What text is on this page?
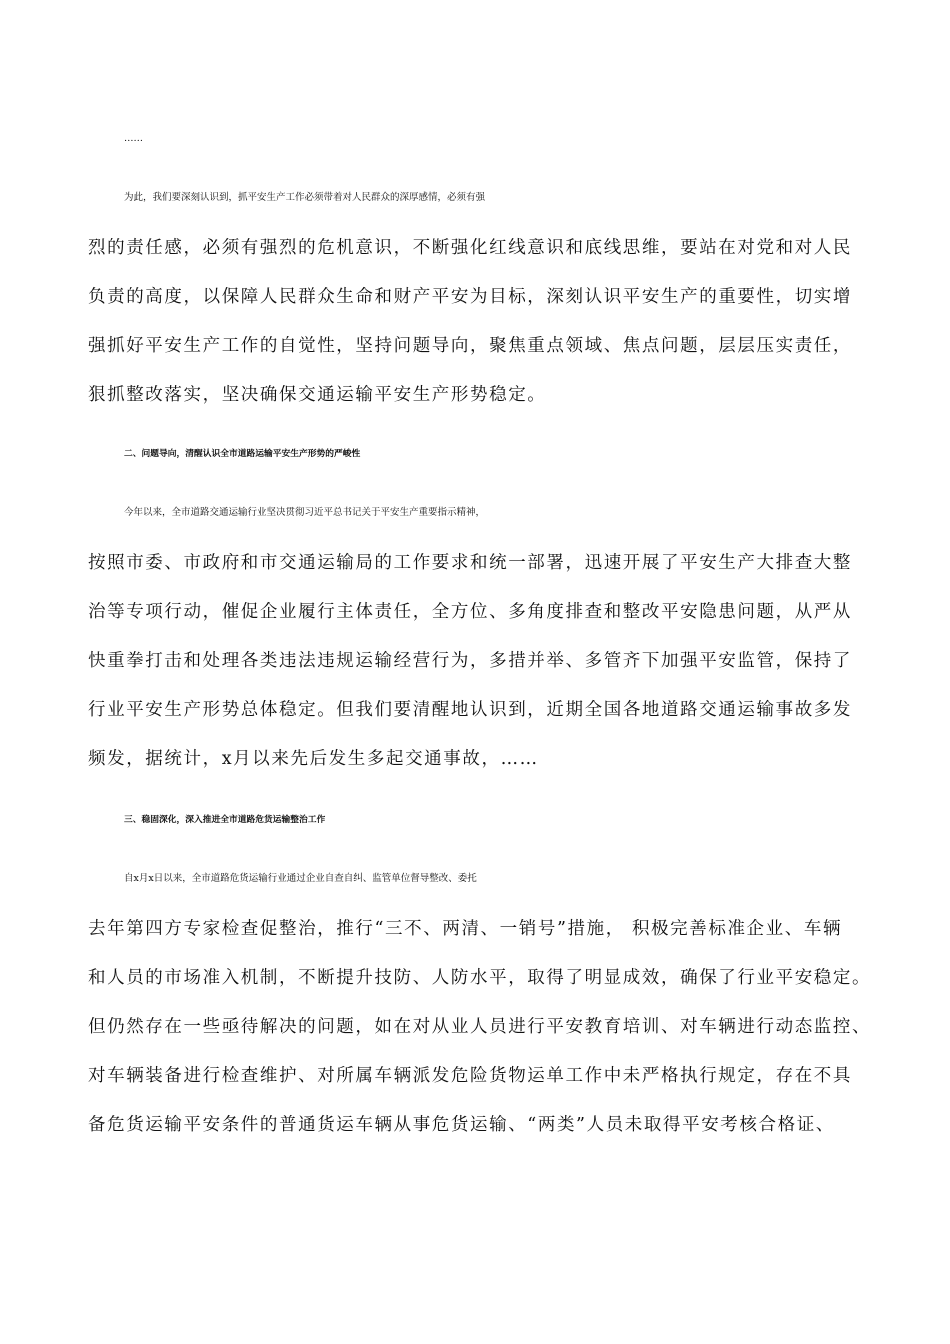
……
为此，我们要深刻认识到，抓平安生产工作必须带着对人民群众的深厚感情，必须有强
烈的责任感，必须有强烈的危机意识，不断强化红线意识和底线思维，要站在对党和对人民
负责的高度，以保障人民群众生命和财产平安为目标，深刻认识平安生产的重要性，切实增
强抓好平安生产工作的自觉性，坚持问题导向，聚焦重点领域、焦点问题，层层压实责任，
狠抓整改落实，坚决确保交通运输平安生产形势稳定。
二、问题导向，清醒认识全市道路运输平安生产形势的严峻性
今年以来，全市道路交通运输行业坚决贯彻习近平总书记关于平安生产重要指示精神，
按照市委、市政府和市交通运输局的工作要求和统一部署，迅速开展了平安生产大排查大整
治等专项行动，催促企业履行主体责任，全方位、多角度排查和整改平安隐患问题，从严从
快重拳打击和处理各类违法违规运输经营行为，多措并举、多管齐下加强平安监管，保持了
行业平安生产形势总体稳定。但我们要清醒地认识到，近期全国各地道路交通运输事故多发
频发，据统计，x月以来先后发生多起交通事故，……
三、稳固深化，深入推进全市道路危货运输整治工作
自x月x日以来，全市道路危货运输行业通过企业自查自纠、监管单位督导整改、委托
去年第四方专家检查促整治，推行“三不、两清、一销号”措施， 积极完善标准企业、车辆
和人员的市场准入机制，不断提升技防、人防水平，取得了明显成效，确保了行业平安稳定。
但仍然存在一些亟待解决的问题，如在对从业人员进行平安教育培训、对车辆进行动态监控、
对车辆装备进行检查维护、对所属车辆派发危险货物运单工作中未严格执行规定，存在不具
备危货运输平安条件的普通货运车辆从事危货运输、“两类”人员未取得平安考核合格证、
